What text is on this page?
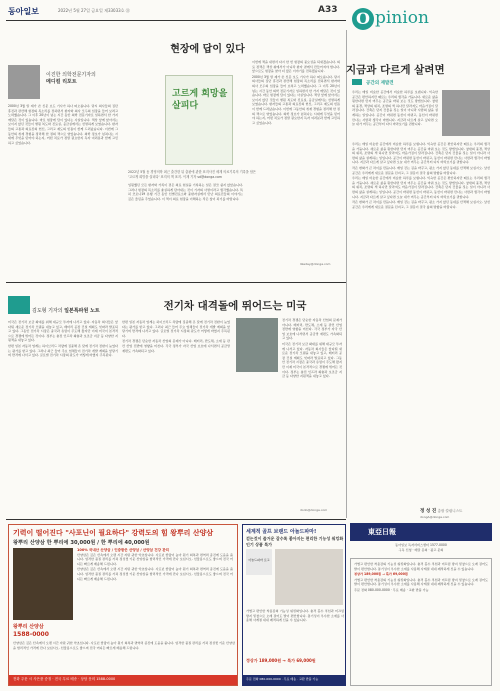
동아일보	2022년 5월 27일 금요일 제33033호 ㊐	A33 O pinion
현장에 답이 있다
이진한 의학전문기자의
메디컬 리포트

2000년 3월 말 제가 쓴 신문 보도 기사가 하나 떠오릅니다. 당시 의사들의 집단 휴진과 관련해 현장의 목소리를 전하면서 환자와 의사 모두의 입장을 들어 보려고 노력했습니다. 그 이후 20년이 넘는 시간 동안 의학 전문기자로 일하면서 한 가지 깨달은 것이 있습니다. 바로 현장에 답이 있다는 사실입니다. 책상 앞에 앉아서는 보이지 않던 것들이 병원 복도와 진료실, 응급실에서는 선명하게 보였습니다. 환자들의 고통과 의료진의 헌신, 그리고 제도의 빈틈이 함께 드러났습니다. 이번에 그동안의 취재 경험을 정리해 한 권의 책으로 엮었습니다. 의학 정보가 넘쳐나는 시대에 무엇을 믿어야 하는지, 어떤 치료가 정말 필요한지 독자 여러분과 함께 고민하고 싶었습니다.

고르게 희망을 살피다
2022년 5월 동 경영의학 최근 출간한 뒤 출판에 관한 표지사진 세계 의료기록의 기록을 담은 '고르게 희망을 살피다' 표지의 책 표지. 이재 기자 sd@donga.com

입원했던 모든 환자와 가족이 겪은 의료 현실을 기록하는 일은 결코 쉽지 않았습니다. 그러나 현장의 목소리를 충실하게 담아내는 것이 기자의 사명이라고 생각했습니다. 특히 코로나19 유행 기간 동안 선별진료소와 중환자실에서 만난 의료진들의 이야기는 깊은 울림을 주었습니다. 이 책이 의료 현장을 이해하는 작은 창이 되기를 바랍니다.

이번에 책을 내면서 다시 한 번 현장의 중요성을 되새겼습니다. 의료 정책은 책상 위에서가 아니라 환자 곁에서 만들어져야 합니다. 앞으로도 현장을 찾아 더 많은 이야기를 전하겠습니다.

2000년 3월 말 제가 쓴 신문 보도 기사가 하나 떠오릅니다. 당시 의사들의 집단 휴진과 관련해 현장의 목소리를 전하면서 환자와 의사 모두의 입장을 들어 보려고 노력했습니다. 그 이후 20년이 넘는 시간 동안 의학 전문기자로 일하면서 한 가지 깨달은 것이 있습니다. 바로 현장에 답이 있다는 사실입니다. 책상 앞에 앉아서는 보이지 않던 것들이 병원 복도와 진료실, 응급실에서는 선명하게 보였습니다. 환자들의 고통과 의료진의 헌신, 그리고 제도의 빈틈이 함께 드러났습니다. 이번에 그동안의 취재 경험을 정리해 한 권의 책으로 엮었습니다. 의학 정보가 넘쳐나는 시대에 무엇을 믿어야 하는지, 어떤 치료가 정말 필요한지 독자 여러분과 함께 고민하고 싶었습니다.

likeday@donga.com
지금과 다르게 살려면
공간의 재발견

우리는 매일 비슷한 공간에서 비슷한 하루를 보냅니다. 익숙한 공간은 편안하지만 때로는 우리의 생각을 가둡니다. 새로운 삶을 원한다면 먼저 머무는 공간을 바꿔 보는 것도 방법입니다. 창밖의 풍경, 책상의 위치, 조명의 색 하나만 달라져도 마음가짐이 달라집니다. 건축은 단지 건물을 짓는 일이 아니라 사람의 삶을 설계하는 일입니다. 공간이 바뀌면 동선이 바뀌고, 동선이 바뀌면 만나는 사람과 생각이 바뀝니다. 지금과 다르게 살고 싶다면 오늘 내가 머무는 공간부터 다시 바라보기를 권합니다.

우리는 매일 비슷한 공간에서 비슷한 하루를 보냅니다. 익숙한 공간은 편안하지만 때로는 우리의 생각을 가둡니다. 새로운 삶을 원한다면 먼저 머무는 공간을 바꿔 보는 것도 방법입니다. 창밖의 풍경, 책상의 위치, 조명의 색 하나만 달라져도 마음가짐이 달라집니다. 건축은 단지 건물을 짓는 일이 아니라 사람의 삶을 설계하는 일입니다. 공간이 바뀌면 동선이 바뀌고, 동선이 바뀌면 만나는 사람과 생각이 바뀝니다. 지금과 다르게 살고 싶다면 오늘 내가 머무는 공간부터 다시 바라보기를 권합니다.

작은 변화가 큰 차이를 만듭니다. 매일 걷는 길을 바꾸고, 평소 가지 않던 동네를 산책해 보십시오. 낯선 공간은 우리에게 새로운 질문을 던지고, 그 질문이 결국 삶의 방향을 바꿉니다.

우리는 매일 비슷한 공간에서 비슷한 하루를 보냅니다. 익숙한 공간은 편안하지만 때로는 우리의 생각을 가둡니다. 새로운 삶을 원한다면 먼저 머무는 공간을 바꿔 보는 것도 방법입니다. 창밖의 풍경, 책상의 위치, 조명의 색 하나만 달라져도 마음가짐이 달라집니다. 건축은 단지 건물을 짓는 일이 아니라 사람의 삶을 설계하는 일입니다. 공간이 바뀌면 동선이 바뀌고, 동선이 바뀌면 만나는 사람과 생각이 바뀝니다. 지금과 다르게 살고 싶다면 오늘 내가 머무는 공간부터 다시 바라보기를 권합니다.

작은 변화가 큰 차이를 만듭니다. 매일 걷는 길을 바꾸고, 평소 가지 않던 동네를 산책해 보십시오. 낯선 공간은 우리에게 새로운 질문을 던지고, 그 질문이 결국 삶의 방향을 바꿉니다.

정 성 진 총괄 칼럼니스트
dongA@donga.com
東亞日報
동아일보 독자서비스센터 1577-0000
구독 신청 · 배달 문의 · 광고 문의
김도형 기자의 일본특파원 노트	전기차 대격돌에 뛰어드는 미국

미국은 전기차 보급 확대를 위해 대규모 투자에 나서고 있다. 자동차 회사들은 앞다퉈 새로운 전기차 모델을 내놓고 있고, 배터리 공장 건설 계획도 잇따라 발표되고 있다. 그동안 전기차 시장은 중국과 유럽이 주도해 왔지만 이제 미국이 본격적으로 경쟁에 뛰어든 것이다. 정부는 충전 인프라 확충과 보조금 지급 등 다양한 지원책을 내놓고 있다.

한편 일본 자동차 업계는 하이브리드 차량에 집중해 온 탓에 전기차 전환이 늦었다는 평가를 받고 있다. 그러나 최근 들어 주요 업체들이 전기차 개발 계획을 앞당기며 반격에 나서고 있다. 글로벌 전기차 시장의 판도가 어떻게 바뀔지 주목된다.

한편 일본 자동차 업계는 하이브리드 차량에 집중해 온 탓에 전기차 전환이 늦었다는 평가를 받고 있다. 그러나 최근 들어 주요 업체들이 전기차 개발 계획을 앞당기며 반격에 나서고 있다. 글로벌 전기차 시장의 판도가 어떻게 바뀔지 주목된다.

전기차 경쟁은 단순한 자동차 산업의 문제가 아니다. 배터리, 반도체, 소재 등 관련 산업 전반에 영향을 미친다. 각국 정부가 자국 산업 보호에 나서면서 공급망 재편도 가속화되고 있다.

전기차 경쟁은 단순한 자동차 산업의 문제가 아니다. 배터리, 반도체, 소재 등 관련 산업 전반에 영향을 미친다. 각국 정부가 자국 산업 보호에 나서면서 공급망 재편도 가속화되고 있다.

미국은 전기차 보급 확대를 위해 대규모 투자에 나서고 있다. 자동차 회사들은 앞다퉈 새로운 전기차 모델을 내놓고 있고, 배터리 공장 건설 계획도 잇따라 발표되고 있다. 그동안 전기차 시장은 중국과 유럽이 주도해 왔지만 이제 미국이 본격적으로 경쟁에 뛰어든 것이다. 정부는 충전 인프라 확충과 보조금 지급 등 다양한 지원책을 내놓고 있다.

dodo@donga.com
기력이 떨어진다 "사포닌이 필요하다" 강력도의 힘 왕뿌리 산양삼
왕뿌리 산양삼 한 뿌리에 30,000원 / 한 뿌리에 40,000원
100% 국내산 산양삼 / 인증받은 산양삼 / 산양삼 건강 관리

산양삼은 깊은 산속에서 오랜 시간 자란 귀한 약초입니다. 사포닌 함량이 높아 원기 회복과 면역력 증진에 도움을 줍니다. 엄격한 품질 관리를 거쳐 정성껏 키운 산양삼을 합리적인 가격에 만나 보십시오. 선물용으로도 좋으며 전국 어디든 빠르게 배송해 드립니다.

산양삼은 깊은 산속에서 오랜 시간 자란 귀한 약초입니다. 사포닌 함량이 높아 원기 회복과 면역력 증진에 도움을 줍니다. 엄격한 품질 관리를 거쳐 정성껏 키운 산양삼을 합리적인 가격에 만나 보십시오. 선물용으로도 좋으며 전국 어디든 빠르게 배송해 드립니다.

왕뿌리 산양삼
1588-0000

산양삼은 깊은 산속에서 오랜 시간 자란 귀한 약초입니다. 사포닌 함량이 높아 원기 회복과 면역력 증진에 도움을 줍니다. 엄격한 품질 관리를 거쳐 정성껏 키운 산양삼을 합리적인 가격에 만나 보십시오. 선물용으로도 좋으며 전국 어디든 빠르게 배송해 드립니다.

전화 주문 시 사은품 증정 · 전국 무료 배송 · 상담 문의 1588-0000
세계적 골프 브랜드 아놀드파마!
걷는것이 즐거운 갈수록 좋아지는 편리한 기능성 워킹화 인기 상품 특가
아놀드파마 로고

가볍고 편안한 착용감의 기능성 워킹화입니다. 충격 흡수 쿠션과 미끄럼 방지 밑창으로 오래 걸어도 발이 편안합니다. 통기성이 우수한 소재를 사용해 사계절 내내 쾌적하게 신을 수 있습니다.

정상가 189,000원 → 특가 69,000원
주문 전화 080-000-0000 · 무료 배송 · 교환 반품 가능

가볍고 편안한 착용감의 기능성 워킹화입니다. 충격 흡수 쿠션과 미끄럼 방지 밑창으로 오래 걸어도 발이 편안합니다. 통기성이 우수한 소재를 사용해 사계절 내내 쾌적하게 신을 수 있습니다.

정상가 189,000원 → 특가 69,000원

가볍고 편안한 착용감의 기능성 워킹화입니다. 충격 흡수 쿠션과 미끄럼 방지 밑창으로 오래 걸어도 발이 편안합니다. 통기성이 우수한 소재를 사용해 사계절 내내 쾌적하게 신을 수 있습니다.

주문 전화 080-000-0000 · 무료 배송 · 교환 반품 가능
